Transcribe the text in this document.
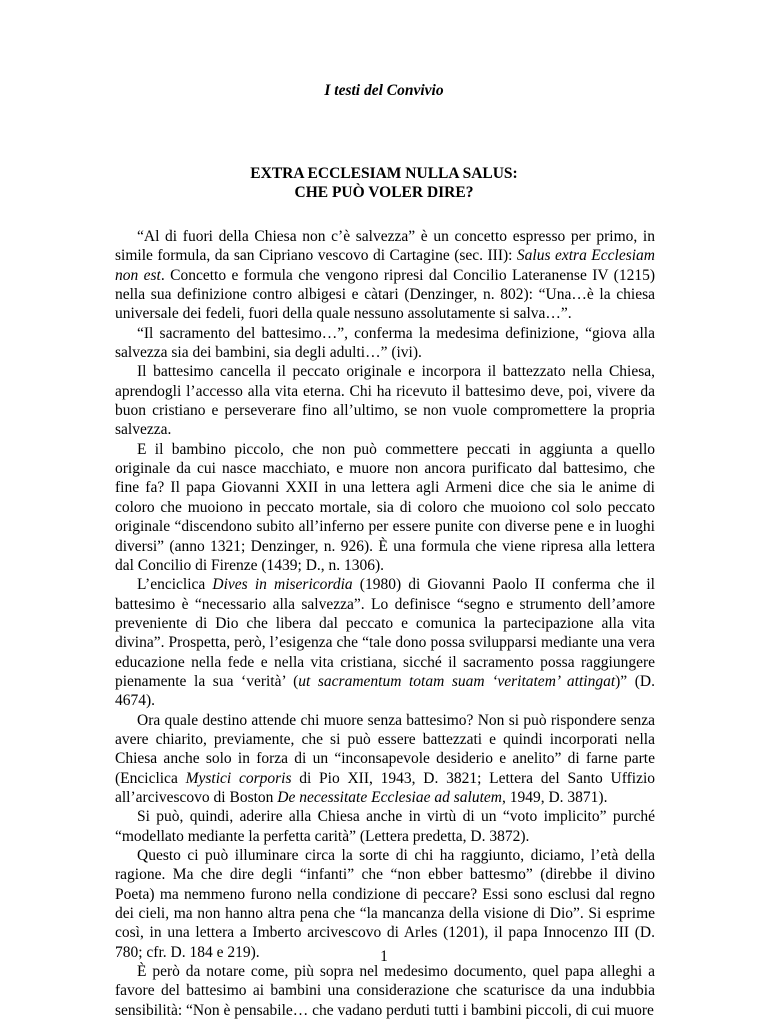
I testi del Convivio
EXTRA ECCLESIAM NULLA SALUS:
CHE PUÒ VOLER DIRE?

“Al di fuori della Chiesa non c’è salvezza” è un concetto espresso per primo, in simile formula, da san Cipriano vescovo di Cartagine (sec. III): Salus extra Ecclesiam non est. Concetto e formula che vengono ripresi dal Concilio Lateranense IV (1215) nella sua definizione contro albigesi e càtari (Denzinger, n. 802): “Una…è la chiesa universale dei fedeli, fuori della quale nessuno assolutamente si salva…”.

“Il sacramento del battesimo…”, conferma la medesima definizione, “giova alla salvezza sia dei bambini, sia degli adulti…” (ivi).

Il battesimo cancella il peccato originale e incorpora il battezzato nella Chiesa, aprendogli l’accesso alla vita eterna. Chi ha ricevuto il battesimo deve, poi, vivere da buon cristiano e perseverare fino all’ultimo, se non vuole compromettere la propria salvezza.

E il bambino piccolo, che non può commettere peccati in aggiunta a quello originale da cui nasce macchiato, e muore non ancora purificato dal battesimo, che fine fa? Il papa Giovanni XXII in una lettera agli Armeni dice che sia le anime di coloro che muoiono in peccato mortale, sia di coloro che muoiono col solo peccato originale “discendono subito all’inferno per essere punite con diverse pene e in luoghi diversi” (anno 1321; Denzinger, n. 926). È una formula che viene ripresa alla lettera dal Concilio di Firenze (1439; D., n. 1306).

L’enciclica Dives in misericordia (1980) di Giovanni Paolo II conferma che il battesimo è “necessario alla salvezza”. Lo definisce “segno e strumento dell’amore preveniente di Dio che libera dal peccato e comunica la partecipazione alla vita divina”. Prospetta, però, l’esigenza che “tale dono possa svilupparsi mediante una vera educazione nella fede e nella vita cristiana, sicché il sacramento possa raggiungere pienamente la sua ‘verità’ (ut sacramentum totam suam ‘veritatem’ attingat)” (D. 4674).

Ora quale destino attende chi muore senza battesimo? Non si può rispondere senza avere chiarito, previamente, che si può essere battezzati e quindi incorporati nella Chiesa anche solo in forza di un “inconsapevole desiderio e anelito” di farne parte (Enciclica Mystici corporis di Pio XII, 1943, D. 3821; Lettera del Santo Uffizio all’arcivescovo di Boston De necessitate Ecclesiae ad salutem, 1949, D. 3871).

Si può, quindi, aderire alla Chiesa anche in virtù di un “voto implicito” purché “modellato mediante la perfetta carità” (Lettera predetta, D. 3872).

Questo ci può illuminare circa la sorte di chi ha raggiunto, diciamo, l’età della ragione. Ma che dire degli “infanti” che “non ebber battesmo” (direbbe il divino Poeta) ma nemmeno furono nella condizione di peccare? Essi sono esclusi dal regno dei cieli, ma non hanno altra pena che “la mancanza della visione di Dio”. Si esprime così, in una lettera a Imberto arcivescovo di Arles (1201), il papa Innocenzo III (D. 780; cfr. D. 184 e 219).

È però da notare come, più sopra nel medesimo documento, quel papa alleghi a favore del battesimo ai bambini una considerazione che scaturisce da una indubbia sensibilità: “Non è pensabile… che vadano perduti tutti i bambini piccoli, di cui muore

1
